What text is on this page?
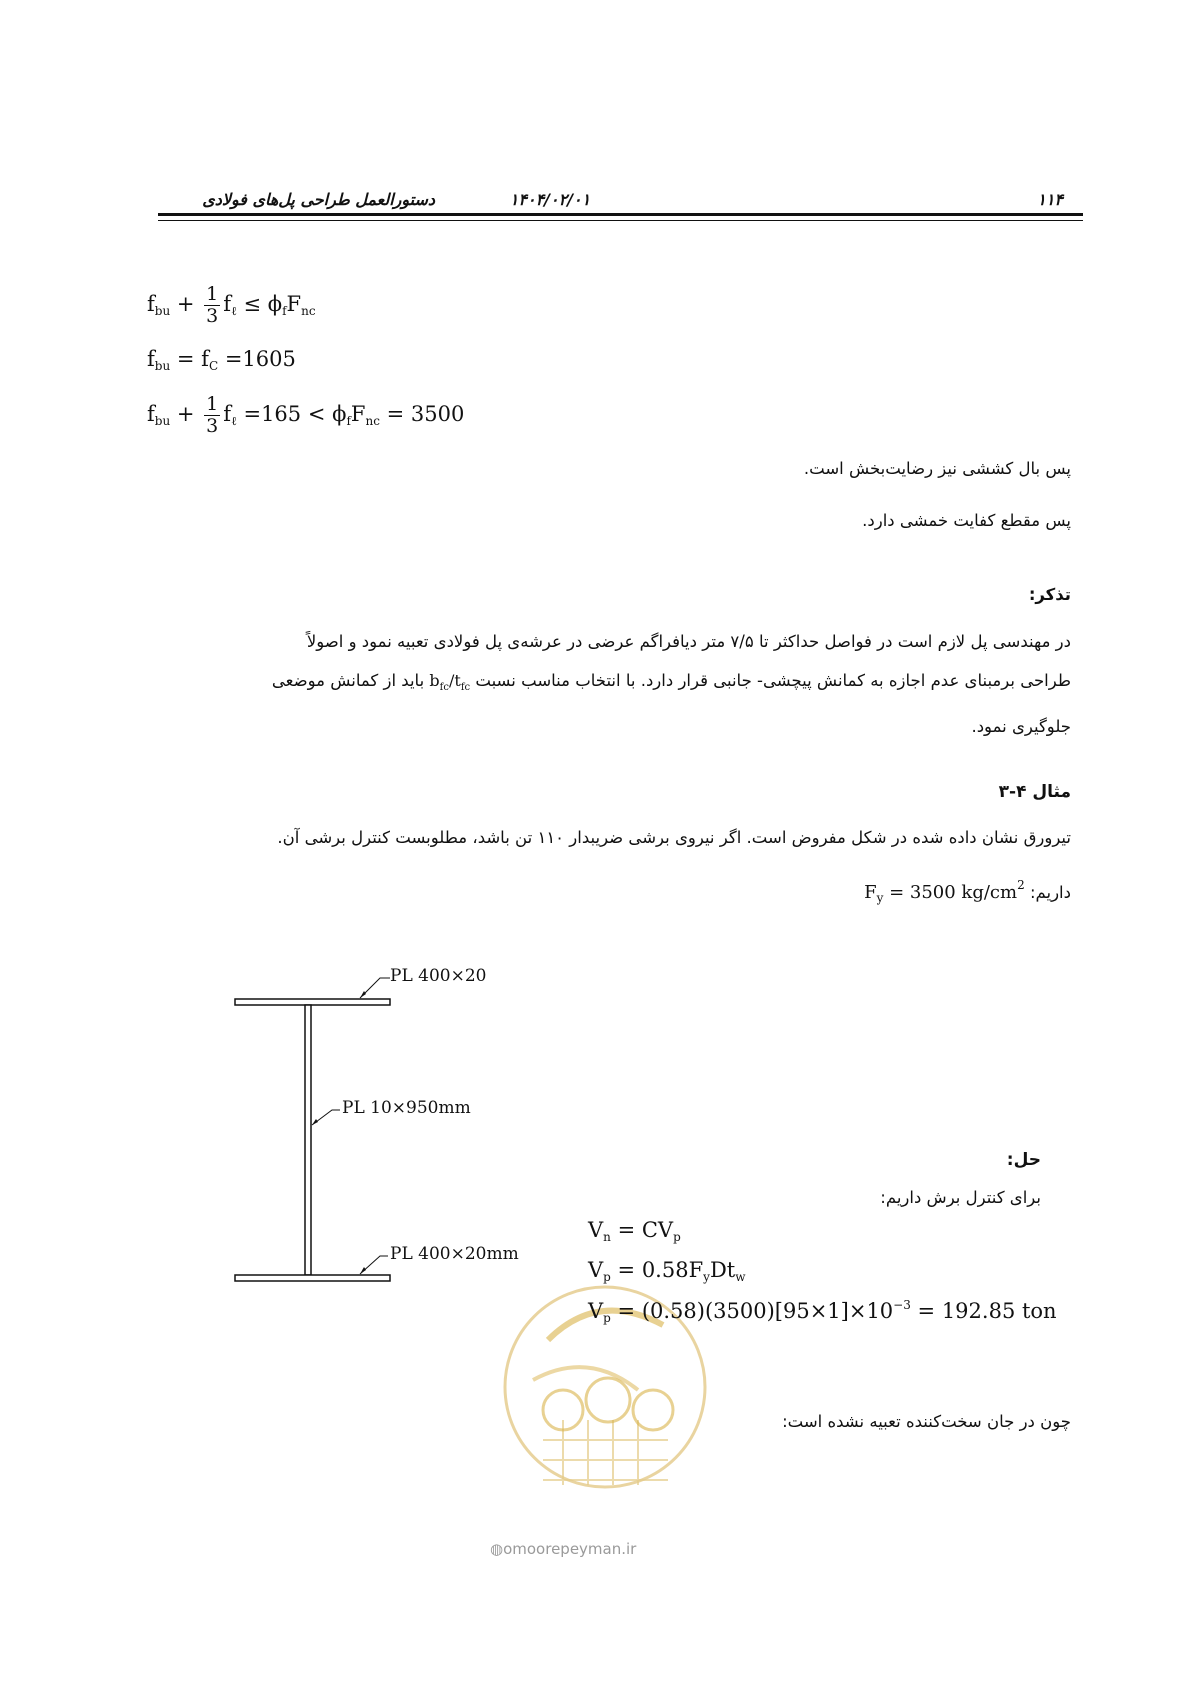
۱۱۴
۱۴۰۴/۰۲/۰۱
دستورالعمل طراحی پل‌های فولادی
$f_{bu} + \frac{1}{3} f_\ell \le \phi_fF_{nc}$
$f_{bu} = f_C =1605$
$f_{bu} + \frac{1}{3} f_\ell =165 < \phi_fF_{nc} = 3500$
پس بال کششی نیز رضایت‌بخش است.
پس مقطع کفایت خمشی دارد.
تذکر:
در مهندسی پل لازم است در فواصل حداکثر تا ۷/۵ متر دیافراگم عرضی در عرشه‌ی پل فولادی تعبیه نمود و اصولاً
طراحی برمبنای عدم اجازه به کمانش پیچشی- جانبی قرار دارد. با انتخاب مناسب نسبت $b_{fc}/t_{fc}$ باید از کمانش موضعی
جلوگیری نمود.
مثال ۴-۳
تیرورق نشان داده شده در شکل مفروض است. اگر نیروی برشی ضریبدار ۱۱۰ تن باشد، مطلوبست کنترل برشی آن.
داریم: $F_y = 3500$ $kg/cm^2$
◍omoorepeyman.ir
PL 400×20
PL 10×950mm
PL 400×20mm
حل:
برای کنترل برش داریم:
$V_n = CV_p$
$V_p = 0.58F_yDt_w$
$V_p = (0.58)(3500)[95\times 1]\times 10^{-3} = 192.85$ ton
چون در جان سخت‌کننده تعبیه نشده است:
